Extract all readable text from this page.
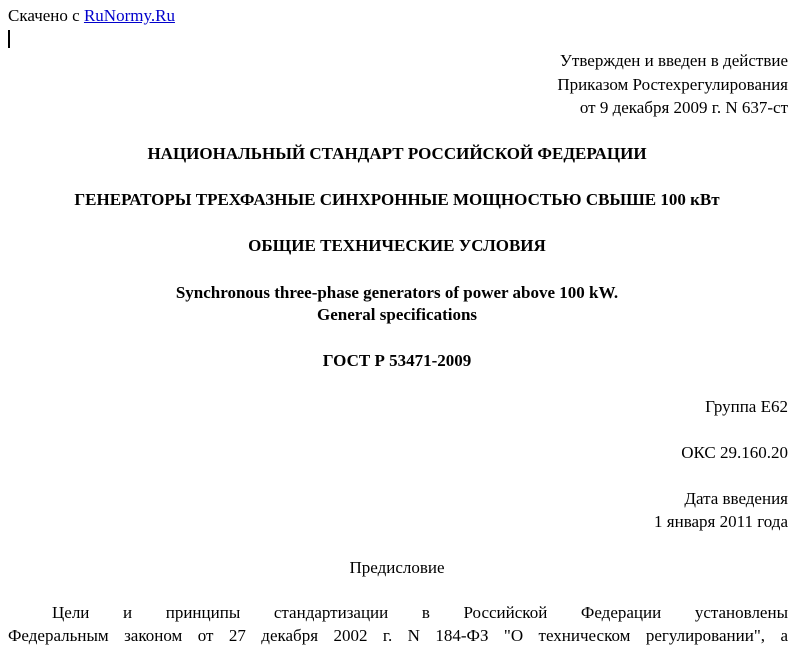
Скачено с RuNormy.Ru
Утвержден и введен в действие
Приказом Ростехрегулирования
от 9 декабря 2009 г. N 637-ст
НАЦИОНАЛЬНЫЙ СТАНДАРТ РОССИЙСКОЙ ФЕДЕРАЦИИ
ГЕНЕРАТОРЫ ТРЕХФАЗНЫЕ СИНХРОННЫЕ МОЩНОСТЬЮ СВЫШЕ 100 кВт
ОБЩИЕ ТЕХНИЧЕСКИЕ УСЛОВИЯ
Synchronous three-phase generators of power above 100 kW.
General specifications
ГОСТ Р 53471-2009
Группа Е62
ОКС 29.160.20
Дата введения
1 января 2011 года
Предисловие
Цели и принципы стандартизации в Российской Федерации установлены
Федеральным законом от 27 декабря 2002 г. N 184-ФЗ "О техническом регулировании", а
